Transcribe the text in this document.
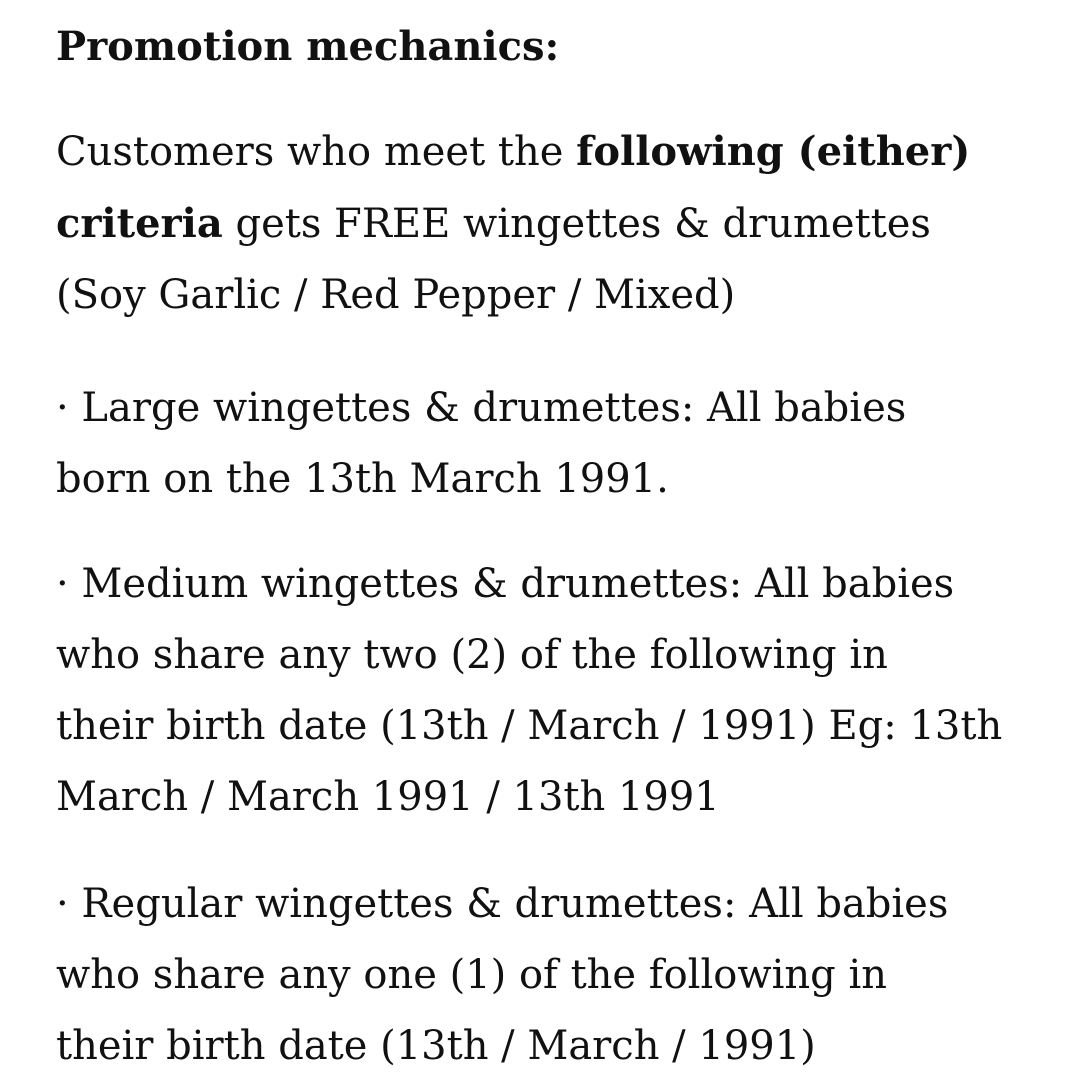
Promotion mechanics:

Customers who meet the following (either)
criteria gets FREE wingettes & drumettes
(Soy Garlic / Red Pepper / Mixed)

· Large wingettes & drumettes: All babies
born on the 13th March 1991.

· Medium wingettes & drumettes: All babies
who share any two (2) of the following in
their birth date (13th / March / 1991) Eg: 13th
March / March 1991 / 13th 1991

· Regular wingettes & drumettes: All babies
who share any one (1) of the following in
their birth date (13th / March / 1991)
